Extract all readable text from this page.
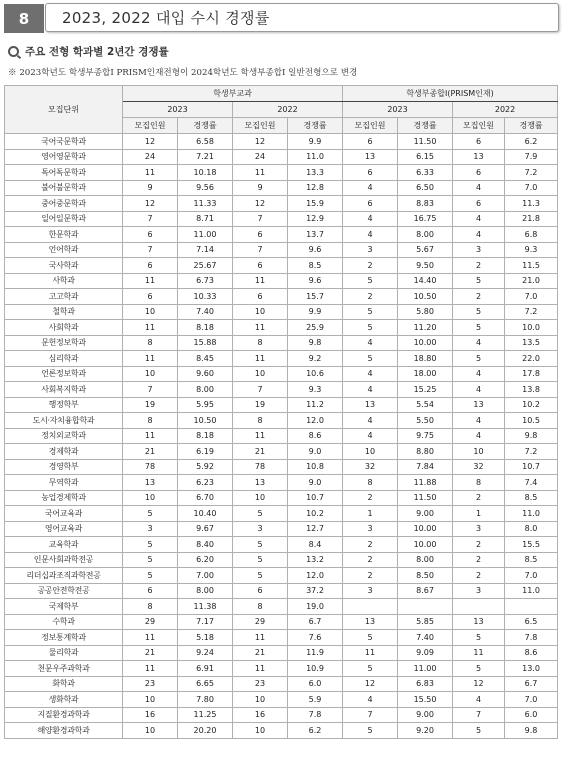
8	2023, 2022 대입 수시 경쟁률
주요 전형 학과별 2년간 경쟁률
※ 2023학년도 학생부종합Ⅰ PRISM인재전형이 2024학년도 학생부종합Ⅰ 일반전형으로 변경
모집단위	학생부교과				학생부종합Ⅰ(PRISM인재)			
	2023		2022		2023		2022	
	모집인원	경쟁률	모집인원	경쟁률	모집인원	경쟁률	모집인원	경쟁률
국어국문학과	12	6.58	12	9.9	6	11.50	6	6.2
영어영문학과	24	7.21	24	11.0	13	6.15	13	7.9
독어독문학과	11	10.18	11	13.3	6	6.33	6	7.2
불어불문학과	9	9.56	9	12.8	4	6.50	4	7.0
중어중문학과	12	11.33	12	15.9	6	8.83	6	11.3
일어일문학과	7	8.71	7	12.9	4	16.75	4	21.8
한문학과	6	11.00	6	13.7	4	8.00	4	6.8
언어학과	7	7.14	7	9.6	3	5.67	3	9.3
국사학과	6	25.67	6	8.5	2	9.50	2	11.5
사학과	11	6.73	11	9.6	5	14.40	5	21.0
고고학과	6	10.33	6	15.7	2	10.50	2	7.0
철학과	10	7.40	10	9.9	5	5.80	5	7.2
사회학과	11	8.18	11	25.9	5	11.20	5	10.0
문헌정보학과	8	15.88	8	9.8	4	10.00	4	13.5
심리학과	11	8.45	11	9.2	5	18.80	5	22.0
언론정보학과	10	9.60	10	10.6	4	18.00	4	17.8
사회복지학과	7	8.00	7	9.3	4	15.25	4	13.8
행정학부	19	5.95	19	11.2	13	5.54	13	10.2
도시·자치융합학과	8	10.50	8	12.0	4	5.50	4	10.5
정치외교학과	11	8.18	11	8.6	4	9.75	4	9.8
경제학과	21	6.19	21	9.0	10	8.80	10	7.2
경영학부	78	5.92	78	10.8	32	7.84	32	10.7
무역학과	13	6.23	13	9.0	8	11.88	8	7.4
농업경제학과	10	6.70	10	10.7	2	11.50	2	8.5
국어교육과	5	10.40	5	10.2	1	9.00	1	11.0
영어교육과	3	9.67	3	12.7	3	10.00	3	8.0
교육학과	5	8.40	5	8.4	2	10.00	2	15.5
인문사회과학전공	5	6.20	5	13.2	2	8.00	2	8.5
리더십과조직과학전공	5	7.00	5	12.0	2	8.50	2	7.0
공공안전학전공	6	8.00	6	37.2	3	8.67	3	11.0
국제학부	8	11.38	8	19.0				
수학과	29	7.17	29	6.7	13	5.85	13	6.5
정보통계학과	11	5.18	11	7.6	5	7.40	5	7.8
물리학과	21	9.24	21	11.9	11	9.09	11	8.6
천문우주과학과	11	6.91	11	10.9	5	11.00	5	13.0
화학과	23	6.65	23	6.0	12	6.83	12	6.7
생화학과	10	7.80	10	5.9	4	15.50	4	7.0
지질환경과학과	16	11.25	16	7.8	7	9.00	7	6.0
해양환경과학과	10	20.20	10	6.2	5	9.20	5	9.8
